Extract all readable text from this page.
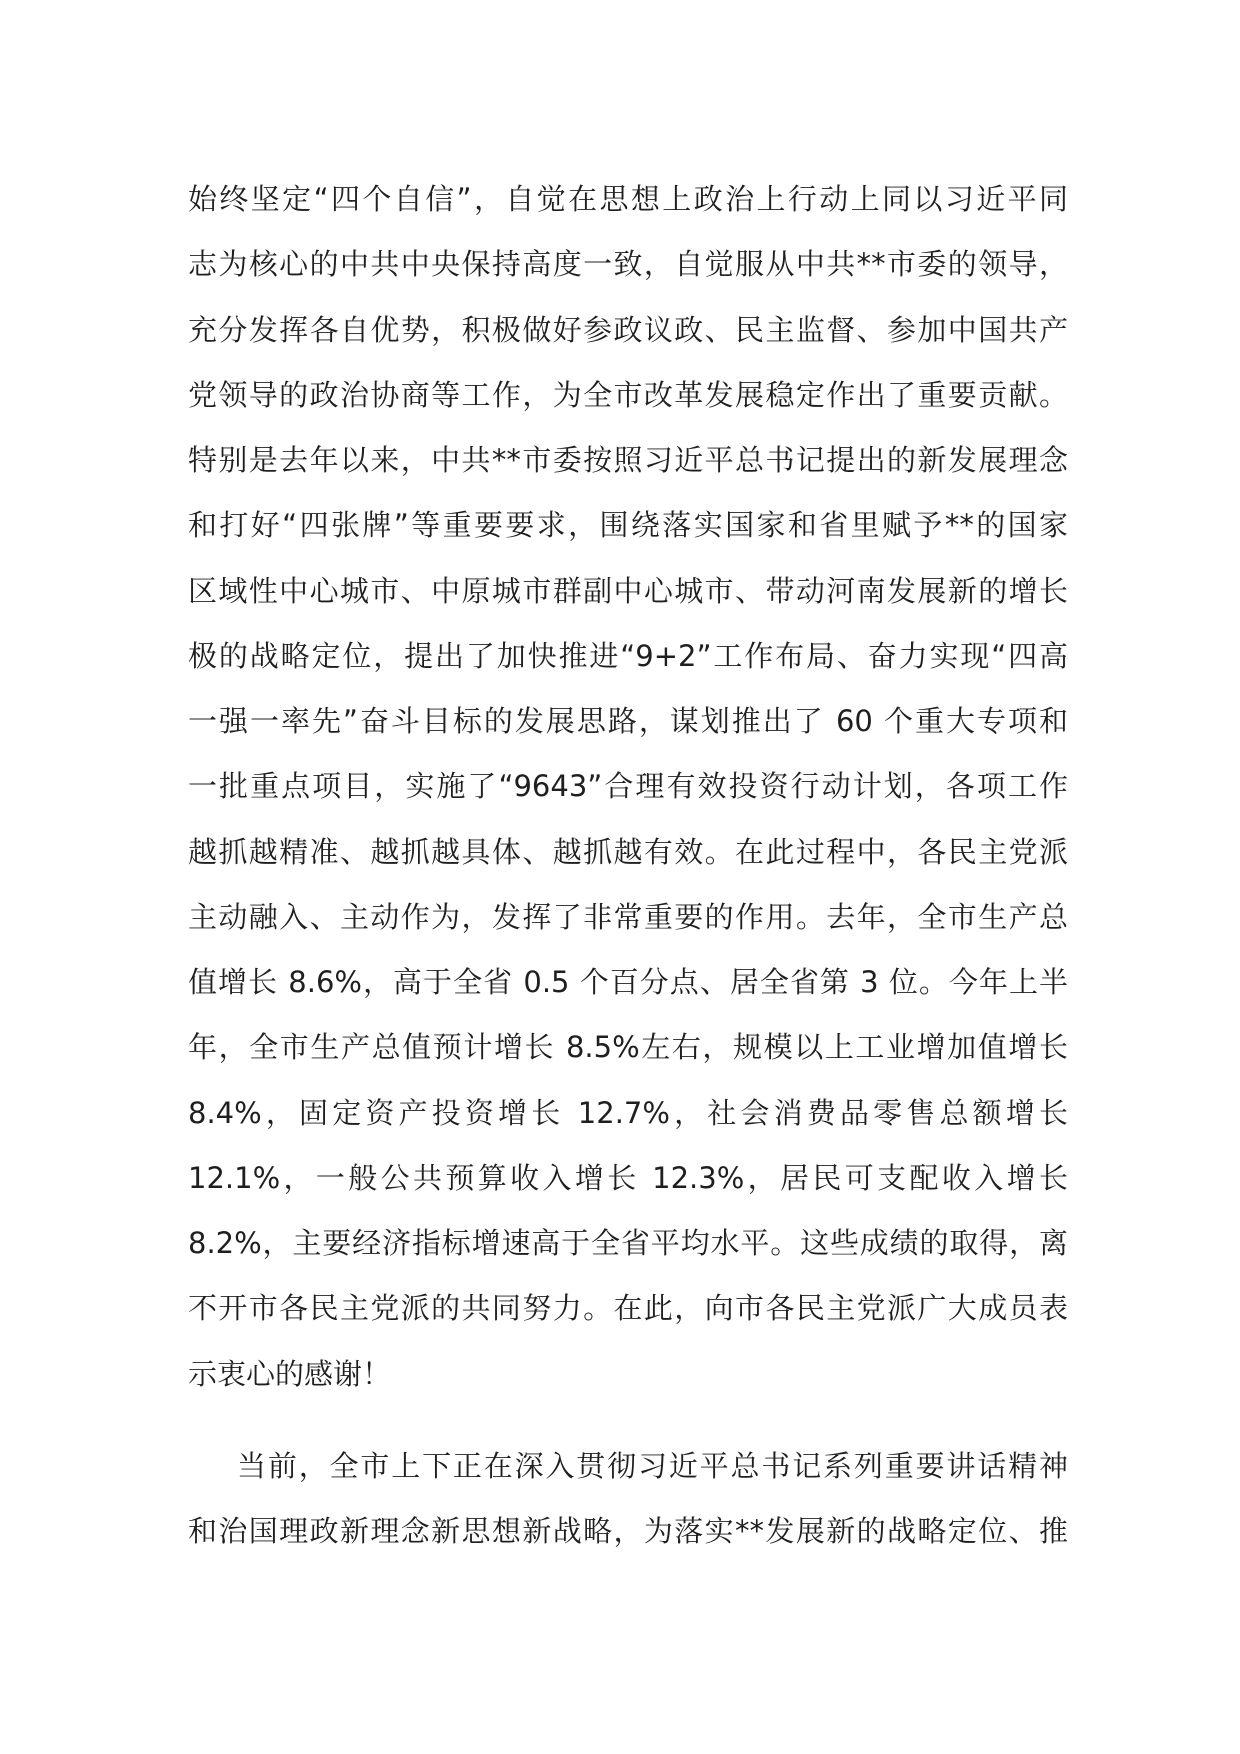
始终坚定“四个自信”，自觉在思想上政治上行动上同以习近平同
志为核心的中共中央保持高度一致，自觉服从中共**市委的领导，
充分发挥各自优势，积极做好参政议政、民主监督、参加中国共产
党领导的政治协商等工作，为全市改革发展稳定作出了重要贡献。
特别是去年以来，中共**市委按照习近平总书记提出的新发展理念
和打好“四张牌”等重要要求，围绕落实国家和省里赋予**的国家
区域性中心城市、中原城市群副中心城市、带动河南发展新的增长
极的战略定位，提出了加快推进“9+2”工作布局、奋力实现“四高
一强一率先”奋斗目标的发展思路，谋划推出了 60 个重大专项和
一批重点项目，实施了“9643”合理有效投资行动计划，各项工作
越抓越精准、越抓越具体、越抓越有效。在此过程中，各民主党派
主动融入、主动作为，发挥了非常重要的作用。去年，全市生产总
值增长 8.6%，高于全省 0.5 个百分点、居全省第 3 位。今年上半
年，全市生产总值预计增长 8.5%左右，规模以上工业增加值增长
8.4%，固定资产投资增长 12.7%，社会消费品零售总额增长
12.1%，一般公共预算收入增长 12.3%，居民可支配收入增长
8.2%，主要经济指标增速高于全省平均水平。这些成绩的取得，离
不开市各民主党派的共同努力。在此，向市各民主党派广大成员表
示衷心的感谢！
当前，全市上下正在深入贯彻习近平总书记系列重要讲话精神
和治国理政新理念新思想新战略，为落实**发展新的战略定位、推
